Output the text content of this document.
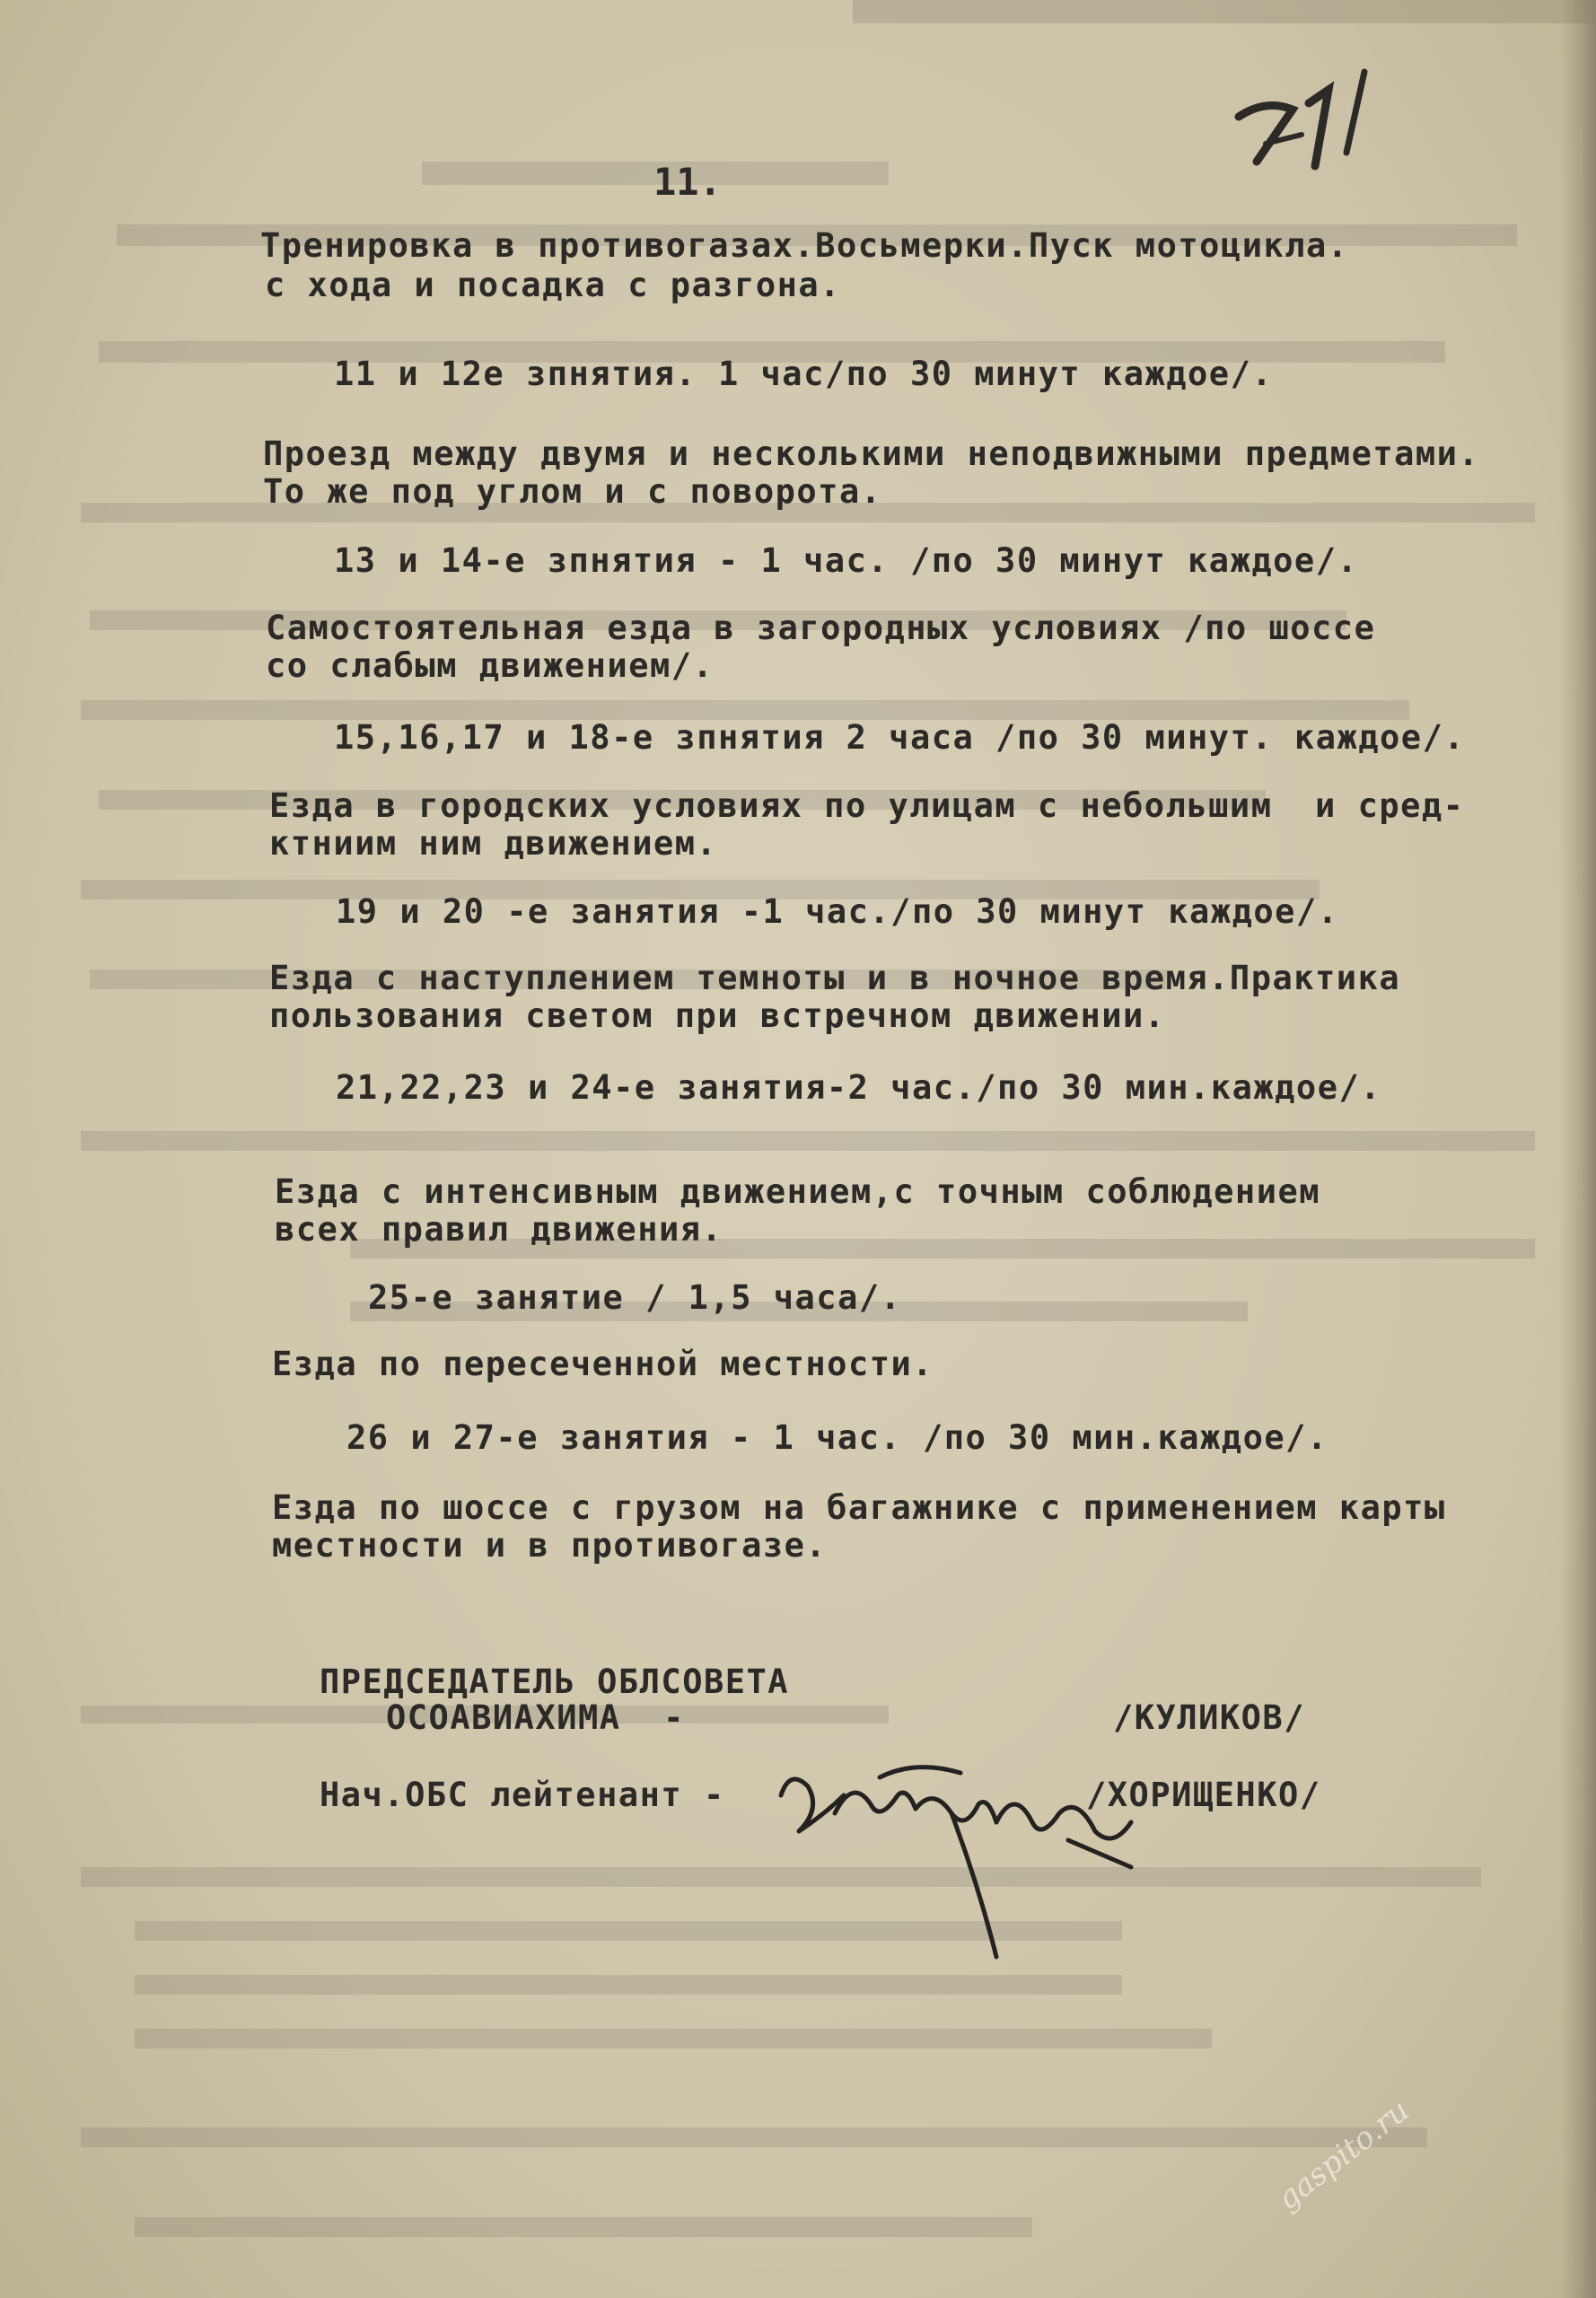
11.
Тренировка в противогазах.Восьмерки.Пуск мотоцикла.
с хода и посадка с разгона.
11 и 12е зпнятия. 1 час/по 30 минут каждое/.
Проезд между двумя и несколькими неподвижными предметами.
То же под углом и с поворота.
13 и 14-е зпнятия - 1 час. /по 30 минут каждое/.
Самостоятельная езда в загородных условиях /по шоссе
со слабым движением/.
15,16,17 и 18-е зпнятия 2 часа /по 30 минут. каждое/.
Езда в городских условиях по улицам с небольшим  и сред-
ктниим ним движением.
19 и 20 -е занятия -1 час./по 30 минут каждое/.
Езда с наступлением темноты и в ночное время.Практика
пользования светом при встречном движении.
21,22,23 и 24-е занятия-2 час./по 30 мин.каждое/.
Езда с интенсивным движением,с точным соблюдением
всех правил движения.
25-е занятие / 1,5 часа/.
Езда по пересеченной местности.
26 и 27-е занятия - 1 час. /по 30 мин.каждое/.
Езда по шоссе с грузом на багажнике с применением карты
местности и в противогазе.
ПРЕДСЕДАТЕЛЬ ОБЛСОВЕТА
ОСОАВИАХИМА  -	/КУЛИКОВ/
Нач.ОБС лейтенант -	/ХОРИЩЕНКО/
gaspito.ru
